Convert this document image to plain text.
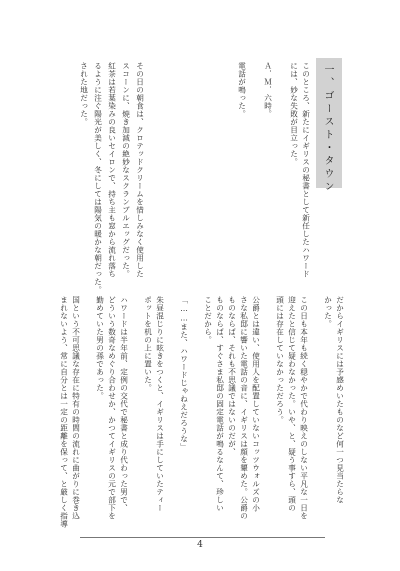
一、ゴースト・タウン
このところ、新たにイギリスの秘書として新任したハワード
には、妙な失敗が目立った。
Ａ．Ｍ．六時。
電話が鳴った。
その日の朝食は、クロテッドクリームを惜しみなく使用した
スコーンに、焼き加減の絶妙なスクランブルエッグだった。
紅茶は若葉染みの良いセイロンで、持ち主も窓から流れ落ち
るように注ぐ陽光が美しく、冬にしては陽気の暖かな朝だった。
された地だった。
だからイギリスには予感めいたものなど何一つ見当たらな
かった。
この日も本年も続く穏やかで代わり映えのしない平凡な一日を
迎えたと信じて疑わなかった。いや、と、疑う事すら、頭の
頭には存在していなかっただろう。
公爵とは違い、使用人を配置していないコッツウォルズの小
さな私邸に響いた電話の音に、イギリスは顔を顰めた。公爵の
ものならば、それも不思議ではないのだが、
ものならば、すぐさま私邸の固定電話が鳴るなんて、珍しい
ことだから。
「……また、ハワードじゃねえだろうな」
朱昼混じりに呟きをつくと、イギリスは手にしていたティー
ポットを机の上に置いた。
ハワードは半年前、定例の交代で秘書と成り代わった男で、
どういう数奇なめぐり合わせか、かつてイギリスの元で部下を
勤めていた男の孫であった。
国という不可思議な存在に特有の時間の流れに曲がりに巻き込
まれないよう、常に自分とは一定の距離を保って、と厳しく指導
4
